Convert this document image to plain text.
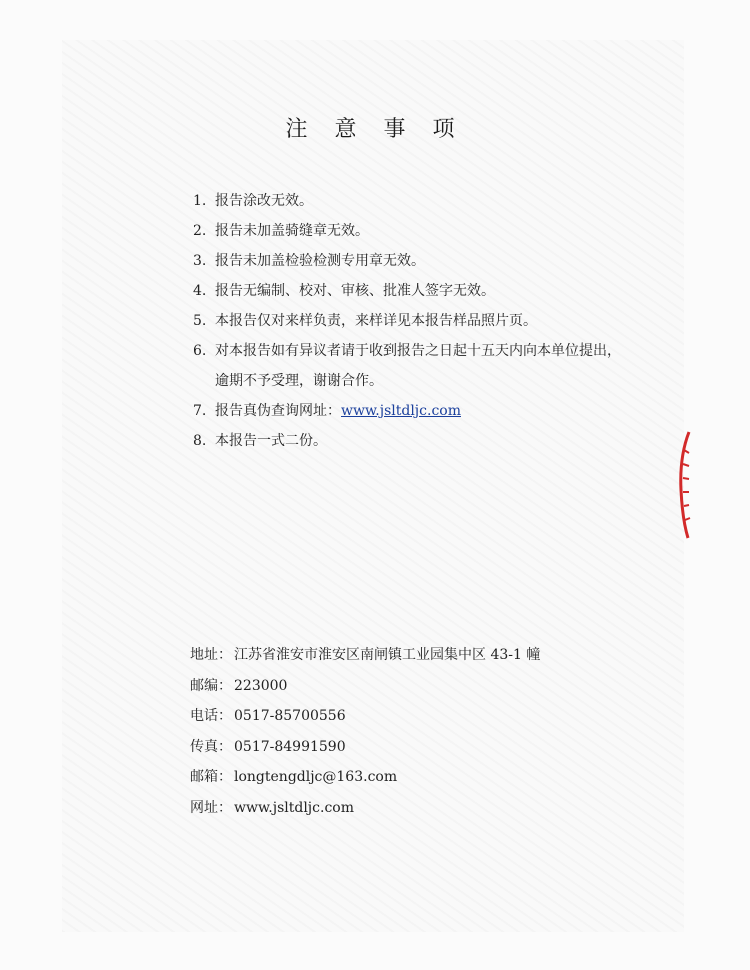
注 意 事 项
1. 报告涂改无效。
2. 报告未加盖骑缝章无效。
3. 报告未加盖检验检测专用章无效。
4. 报告无编制、校对、审核、批准人签字无效。
5. 本报告仅对来样负责，来样详见本报告样品照片页。
6. 对本报告如有异议者请于收到报告之日起十五天内向本单位提出，逾期不予受理，谢谢合作。
7. 报告真伪查询网址：www.jsltdljc.com
8. 本报告一式二份。
地址： 江苏省淮安市淮安区南闸镇工业园集中区 43-1 幢
邮编： 223000
电话： 0517-85700556
传真： 0517-84991590
邮箱： longtengdljc@163.com
网址： www.jsltdljc.com
